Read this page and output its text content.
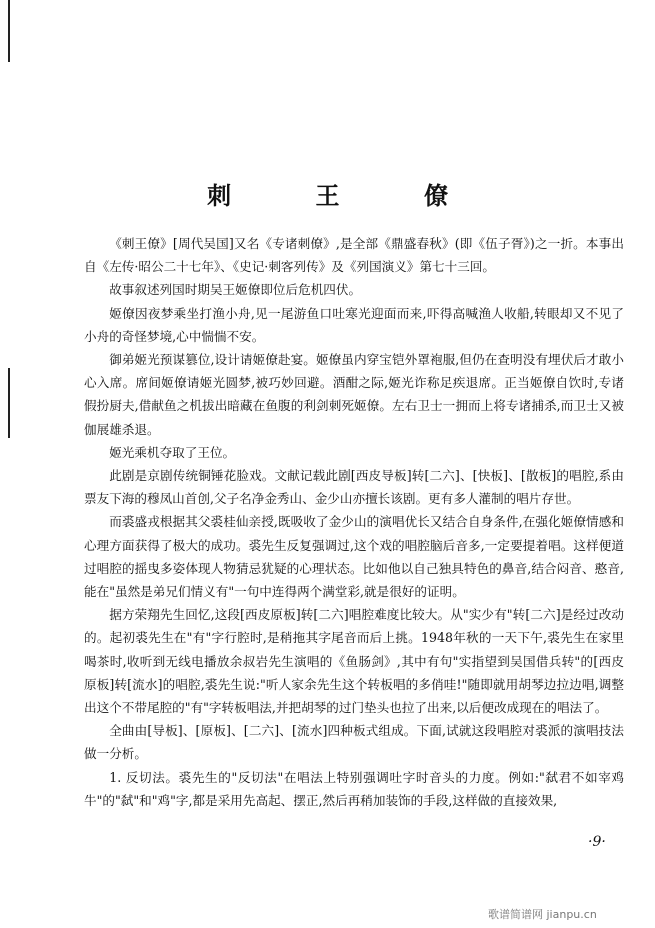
刺 王 僚

《刺王僚》[周代吴国]又名《专诸刺僚》,是全部《鼎盛春秋》(即《伍子胥》)之一折。本事出自《左传·昭公二十七年》、《史记·刺客列传》及《列国演义》第七十三回。

故事叙述列国时期吴王姬僚即位后危机四伏。

姬僚因夜梦乘坐打渔小舟,见一尾游鱼口吐寒光迎面而来,吓得高喊渔人收船,转眼却又不见了小舟的奇怪梦境,心中惴惴不安。

御弟姬光预谋篡位,设计请姬僚赴宴。姬僚虽内穿宝铠外罩袍服,但仍在查明没有埋伏后才敢小心入席。席间姬僚请姬光圆梦,被巧妙回避。酒酣之际,姬光诈称足疾退席。正当姬僚自饮时,专诸假扮厨夫,借献鱼之机拔出暗藏在鱼腹的利剑刺死姬僚。左右卫士一拥而上将专诸捕杀,而卫士又被伽展雄杀退。

姬光乘机夺取了王位。

此剧是京剧传统铜锤花脸戏。文献记载此剧[西皮导板]转[二六]、[快板]、[散板]的唱腔,系由票友下海的穆凤山首创,父子名净金秀山、金少山亦擅长该剧。更有多人灌制的唱片存世。

而裘盛戎根据其父裘桂仙亲授,既吸收了金少山的演唱优长又结合自身条件,在强化姬僚情感和心理方面获得了极大的成功。裘先生反复强调过,这个戏的唱腔脑后音多,一定要提着唱。这样便道过唱腔的摇曳多姿体现人物猜忌犹疑的心理状态。比如他以自己独具特色的鼻音,结合闷音、憨音,能在"虽然是弟兄们情义有"一句中连得两个满堂彩,就是很好的证明。

据方荣翔先生回忆,这段[西皮原板]转[二六]唱腔难度比较大。从"实少有"转[二六]是经过改动的。起初裘先生在"有"字行腔时,是稍拖其字尾音而后上挑。1948年秋的一天下午,裘先生在家里喝茶时,收听到无线电播放余叔岩先生演唱的《鱼肠剑》,其中有句"实指望到吴国借兵转"的[西皮原板]转[流水]的唱腔,裘先生说:"听人家余先生这个转板唱的多俏哇!"随即就用胡琴边拉边唱,调整出这个不带尾腔的"有"字转板唱法,并把胡琴的过门垫头也拉了出来,以后便改成现在的唱法了。

全曲由[导板]、[原板]、[二六]、[流水]四种板式组成。下面,试就这段唱腔对裘派的演唱技法做一分析。

1. 反切法。裘先生的"反切法"在唱法上特别强调吐字时音头的力度。例如:"弑君不如宰鸡牛"的"弑"和"鸡"字,都是采用先高起、摆正,然后再稍加装饰的手段,这样做的直接效果,

·9·
歌谱简谱网 jianpu.cn
